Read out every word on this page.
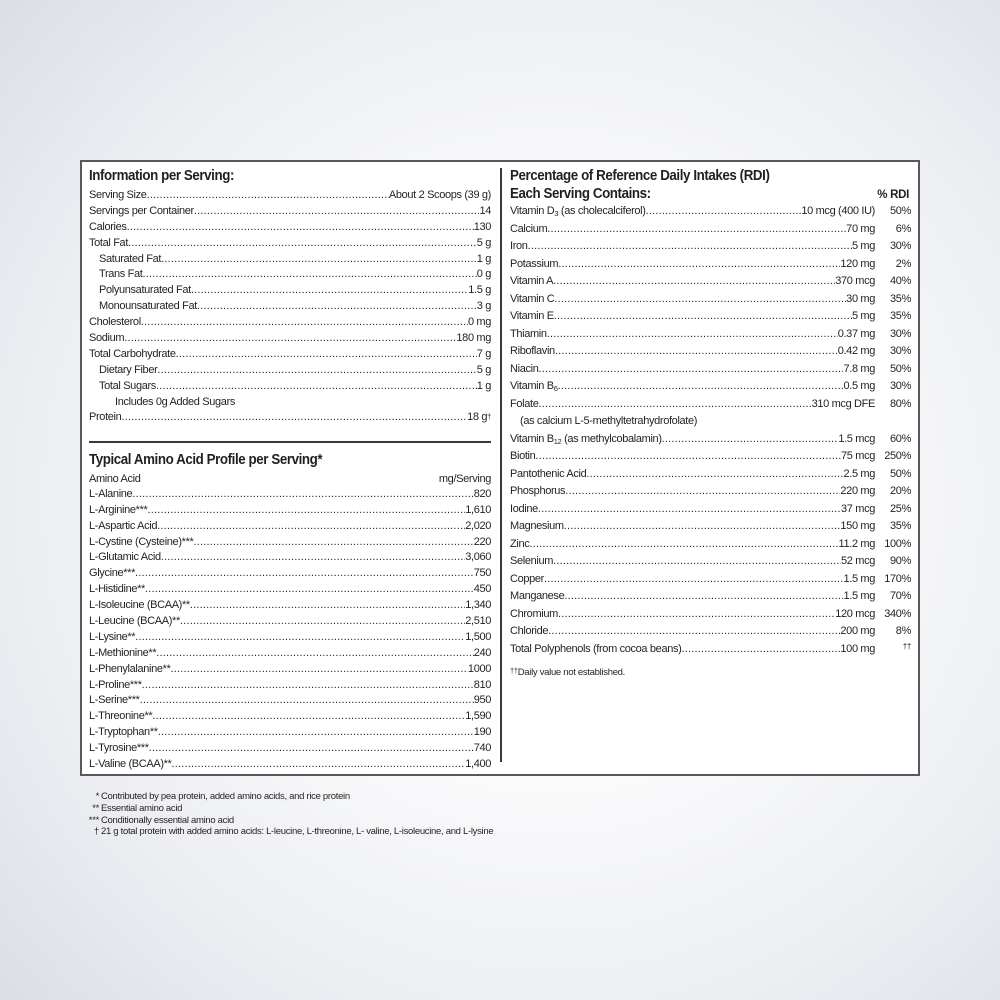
Information per Serving:
Serving Size .....	About 2 Scoops (39 g)
Servings per Container .....	14
Calories .....	130
Total Fat .....	5 g
Saturated Fat .....	1 g
Trans Fat .....	0 g
Polyunsaturated Fat .....	1.5 g
Monounsaturated Fat .....	3 g
Cholesterol .....	0 mg
Sodium .....	180 mg
Total Carbohydrate .....	7 g
Dietary Fiber .....	5 g
Total Sugars .....	1 g
Includes 0g Added Sugars
Protein .....	18 g†
Typical Amino Acid Profile per Serving*
Amino Acid	mg/Serving
L-Alanine .....	820
L-Arginine*** .....	1,610
L-Aspartic Acid .....	2,020
L-Cystine (Cysteine)*** .....	220
L-Glutamic Acid .....	3,060
Glycine*** .....	750
L-Histidine** .....	450
L-Isoleucine (BCAA)** .....	1,340
L-Leucine (BCAA)** .....	2,510
L-Lysine** .....	1,500
L-Methionine** .....	240
L-Phenylalanine** .....	1000
L-Proline*** .....	810
L-Serine*** .....	950
L-Threonine** .....	1,590
L-Tryptophan** .....	190
L-Tyrosine*** .....	740
L-Valine (BCAA)** .....	1,400
Percentage of Reference Daily Intakes (RDI)
Each Serving Contains:	% RDI
Vitamin D3 (as cholecalciferol) .....	10 mcg (400 IU)	50%
Calcium .....	70 mg	6%
Iron .....	5 mg	30%
Potassium .....	120 mg	2%
Vitamin A .....	370 mcg	40%
Vitamin C .....	30 mg	35%
Vitamin E .....	5 mg	35%
Thiamin .....	0.37 mg	30%
Riboflavin .....	0.42 mg	30%
Niacin .....	7.8 mg	50%
Vitamin B6 .....	0.5 mg	30%
Folate .....	310 mcg DFE	80%
(as calcium L-5-methyltetrahydrofolate)
Vitamin B12 (as methylcobalamin) .....	1.5 mcg	60%
Biotin .....	75 mcg 250%
Pantothenic Acid .....	2.5 mg	50%
Phosphorus .....	220 mg	20%
Iodine .....	37 mcg	25%
Magnesium .....	150 mg	35%
Zinc .....	11.2 mg 100%
Selenium .....	52 mcg	90%
Copper .....	1.5 mg 170%
Manganese .....	1.5 mg	70%
Chromium .....	120 mcg 340%
Chloride .....	200 mg	8%
Total Polyphenols (from cocoa beans) .....	100 mg	††
††Daily value not established.
* Contributed by pea protein, added amino acids, and rice protein
** Essential amino acid
*** Conditionally essential amino acid
† 21 g total protein with added amino acids: L-leucine, L-threonine, L- valine, L-isoleucine, and L-lysine
